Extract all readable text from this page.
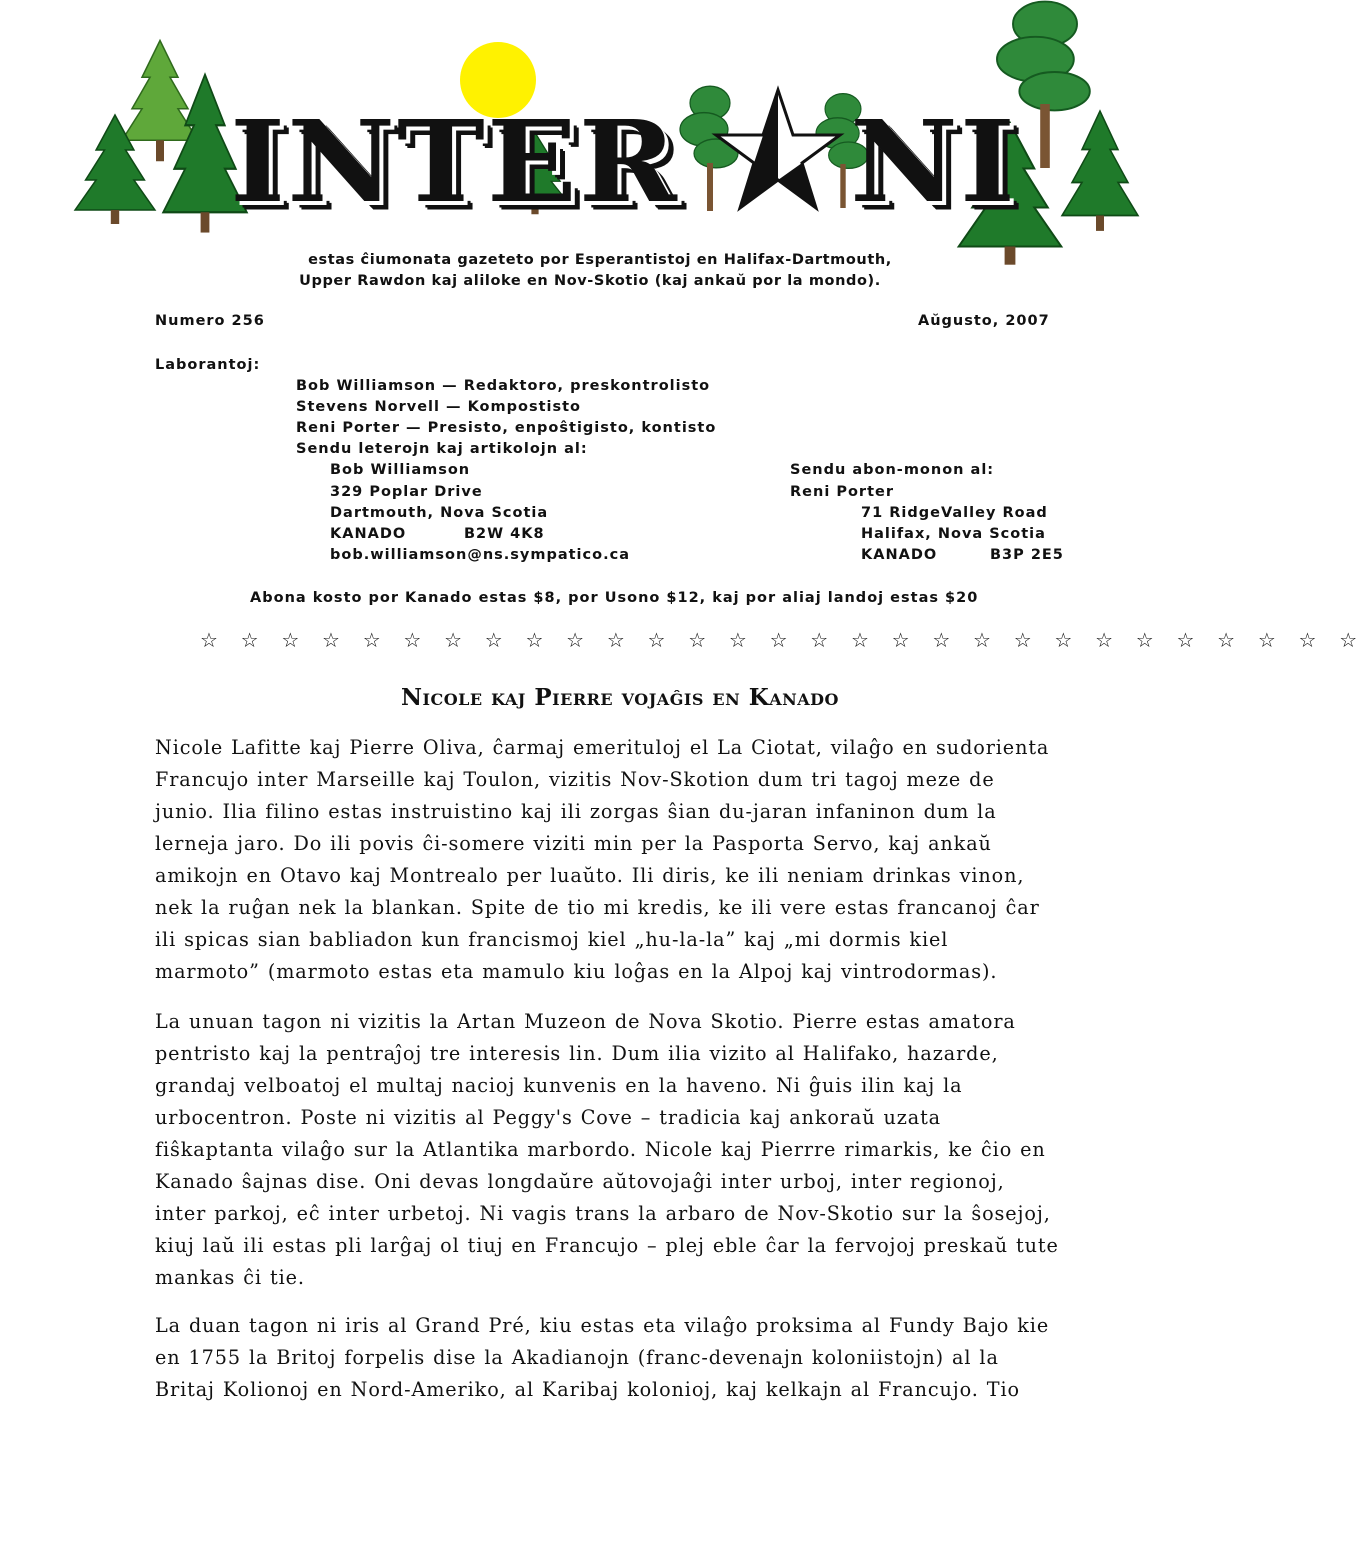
INTER NI
estas ĉiumonata gazeteto por Esperantistoj en Halifax-Dartmouth,
Upper Rawdon kaj aliloke en Nov-Skotio (kaj ankaŭ por la mondo).
Numero 256	Aŭgusto, 2007
Laborantoj:
Bob Williamson — Redaktoro, preskontrolisto
Stevens Norvell — Kompostisto
Reni Porter — Presisto, enpoŝtigisto, kontisto
Sendu leterojn kaj artikolojn al:
Bob Williamson
329 Poplar Drive
Dartmouth, Nova Scotia
KANADO	B2W 4K8
bob.williamson@ns.sympatico.ca
Sendu abon-monon al:
Reni Porter
71 RidgeValley Road
Halifax, Nova Scotia
KANADO	B3P 2E5
Abona kosto por Kanado estas $8, por Usono $12, kaj por aliaj landoj estas $20
☆ ☆ ☆ ☆ ☆ ☆ ☆ ☆ ☆ ☆ ☆ ☆ ☆ ☆ ☆ ☆ ☆ ☆ ☆ ☆ ☆ ☆ ☆ ☆ ☆ ☆ ☆ ☆ ☆
Nicole kaj Pierre vojaĝis en Kanado
Nicole Lafitte kaj Pierre Oliva, ĉarmaj emerituloj el La Ciotat, vilaĝo en sudorienta
Francujo inter Marseille kaj Toulon, vizitis Nov-Skotion dum tri tagoj meze de
junio. Ilia filino estas instruistino kaj ili zorgas ŝian du-jaran infaninon dum la
lerneja jaro. Do ili povis ĉi-somere viziti min per la Pasporta Servo, kaj ankaŭ
amikojn en Otavo kaj Montrealo per luaŭto. Ili diris, ke ili neniam drinkas vinon,
nek la ruĝan nek la blankan. Spite de tio mi kredis, ke ili vere estas francanoj ĉar
ili spicas sian babliadon kun francismoj kiel „hu-la-la” kaj „mi dormis kiel
marmoto” (marmoto estas eta mamulo kiu loĝas en la Alpoj kaj vintrodormas).
La unuan tagon ni vizitis la Artan Muzeon de Nova Skotio. Pierre estas amatora
pentristo kaj la pentraĵoj tre interesis lin. Dum ilia vizito al Halifako, hazarde,
grandaj velboatoj el multaj nacioj kunvenis en la haveno. Ni ĝuis ilin kaj la
urbocentron. Poste ni vizitis al Peggy's Cove – tradicia kaj ankoraŭ uzata
fiŝkaptanta vilaĝo sur la Atlantika marbordo. Nicole kaj Pierrre rimarkis, ke ĉio en
Kanado ŝajnas dise. Oni devas longdaŭre aŭtovojaĝi inter urboj, inter regionoj,
inter parkoj, eĉ inter urbetoj. Ni vagis trans la arbaro de Nov-Skotio sur la ŝosejoj,
kiuj laŭ ili estas pli larĝaj ol tiuj en Francujo – plej eble ĉar la fervojoj preskaŭ tute
mankas ĉi tie.
La duan tagon ni iris al Grand Pré, kiu estas eta vilaĝo proksima al Fundy Bajo kie
en 1755 la Britoj forpelis dise la Akadianojn (franc-devenajn koloniistojn) al la
Britaj Kolionoj en Nord-Ameriko, al Karibaj kolonioj, kaj kelkajn al Francujo. Tio
